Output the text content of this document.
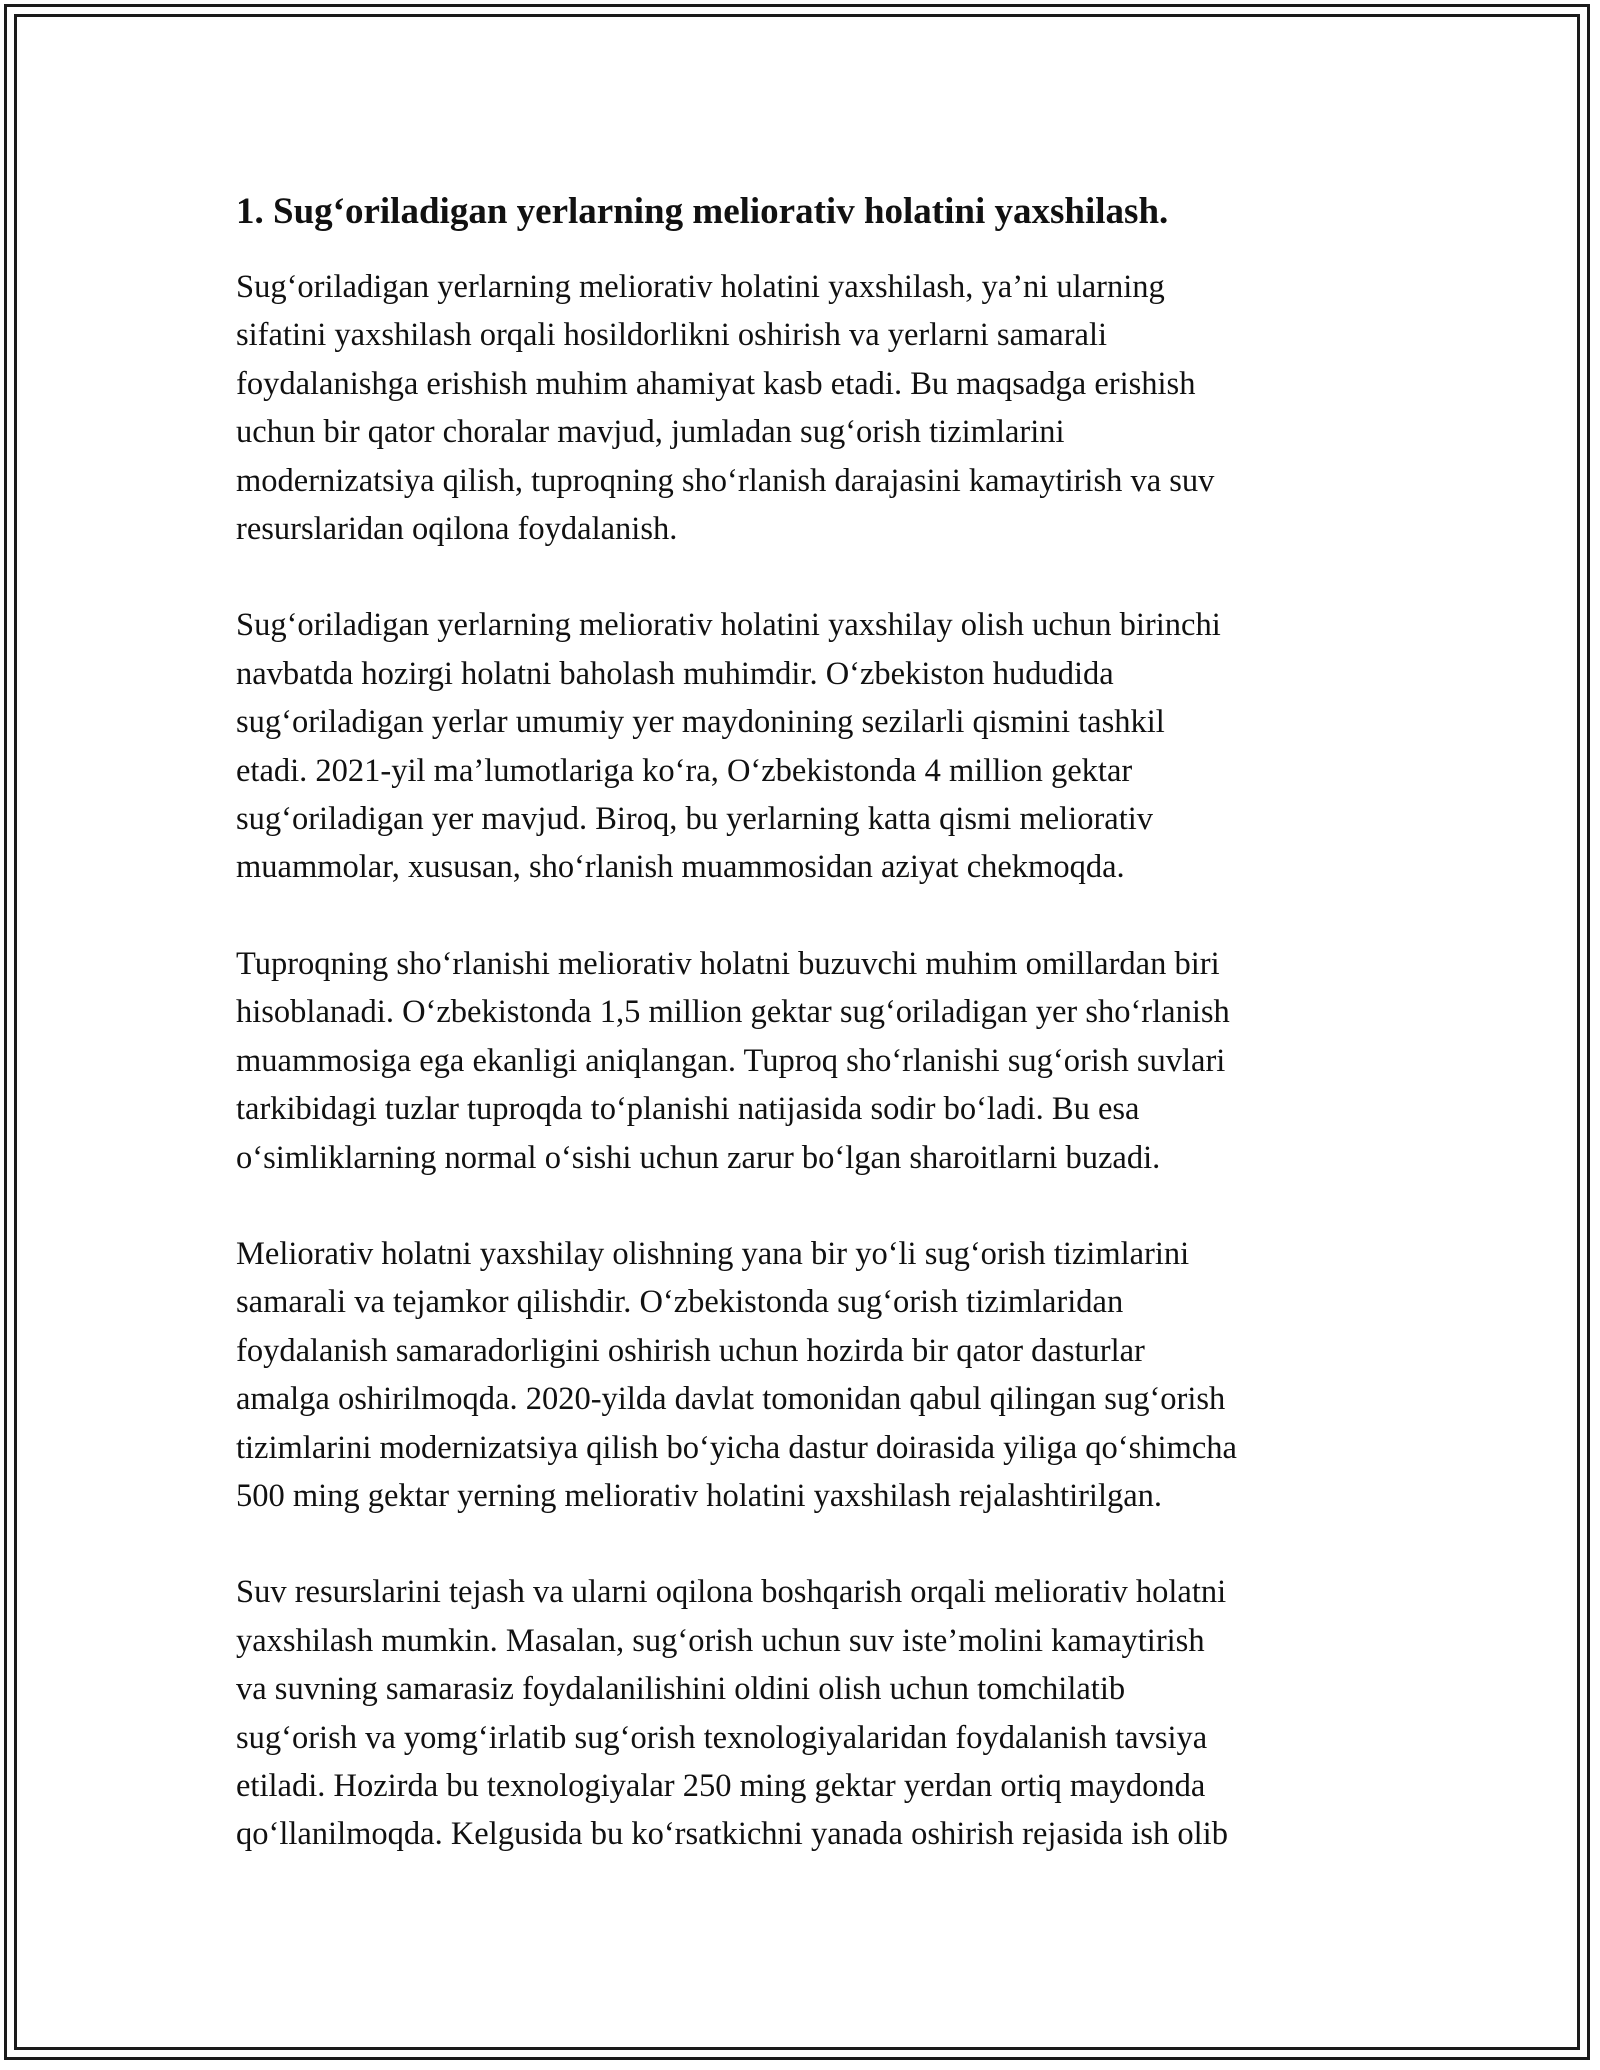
1. Sug‘oriladigan yerlarning meliorativ holatini yaxshilash.

Sug‘oriladigan yerlarning meliorativ holatini yaxshilash, ya’ni ularning
sifatini yaxshilash orqali hosildorlikni oshirish va yerlarni samarali
foydalanishga erishish muhim ahamiyat kasb etadi. Bu maqsadga erishish
uchun bir qator choralar mavjud, jumladan sug‘orish tizimlarini
modernizatsiya qilish, tuproqning sho‘rlanish darajasini kamaytirish va suv
resurslaridan oqilona foydalanish.

Sug‘oriladigan yerlarning meliorativ holatini yaxshilay olish uchun birinchi
navbatda hozirgi holatni baholash muhimdir. O‘zbekiston hududida
sug‘oriladigan yerlar umumiy yer maydonining sezilarli qismini tashkil
etadi. 2021-yil ma’lumotlariga ko‘ra, O‘zbekistonda 4 million gektar
sug‘oriladigan yer mavjud. Biroq, bu yerlarning katta qismi meliorativ
muammolar, xususan, sho‘rlanish muammosidan aziyat chekmoqda.

Tuproqning sho‘rlanishi meliorativ holatni buzuvchi muhim omillardan biri
hisoblanadi. O‘zbekistonda 1,5 million gektar sug‘oriladigan yer sho‘rlanish
muammosiga ega ekanligi aniqlangan. Tuproq sho‘rlanishi sug‘orish suvlari
tarkibidagi tuzlar tuproqda to‘planishi natijasida sodir bo‘ladi. Bu esa
o‘simliklarning normal o‘sishi uchun zarur bo‘lgan sharoitlarni buzadi.

Meliorativ holatni yaxshilay olishning yana bir yo‘li sug‘orish tizimlarini
samarali va tejamkor qilishdir. O‘zbekistonda sug‘orish tizimlaridan
foydalanish samaradorligini oshirish uchun hozirda bir qator dasturlar
amalga oshirilmoqda. 2020-yilda davlat tomonidan qabul qilingan sug‘orish
tizimlarini modernizatsiya qilish bo‘yicha dastur doirasida yiliga qo‘shimcha
500 ming gektar yerning meliorativ holatini yaxshilash rejalashtirilgan.

Suv resurslarini tejash va ularni oqilona boshqarish orqali meliorativ holatni
yaxshilash mumkin. Masalan, sug‘orish uchun suv iste’molini kamaytirish
va suvning samarasiz foydalanilishini oldini olish uchun tomchilatib
sug‘orish va yomg‘irlatib sug‘orish texnologiyalaridan foydalanish tavsiya
etiladi. Hozirda bu texnologiyalar 250 ming gektar yerdan ortiq maydonda
qo‘llanilmoqda. Kelgusida bu ko‘rsatkichni yanada oshirish rejasida ish olib
